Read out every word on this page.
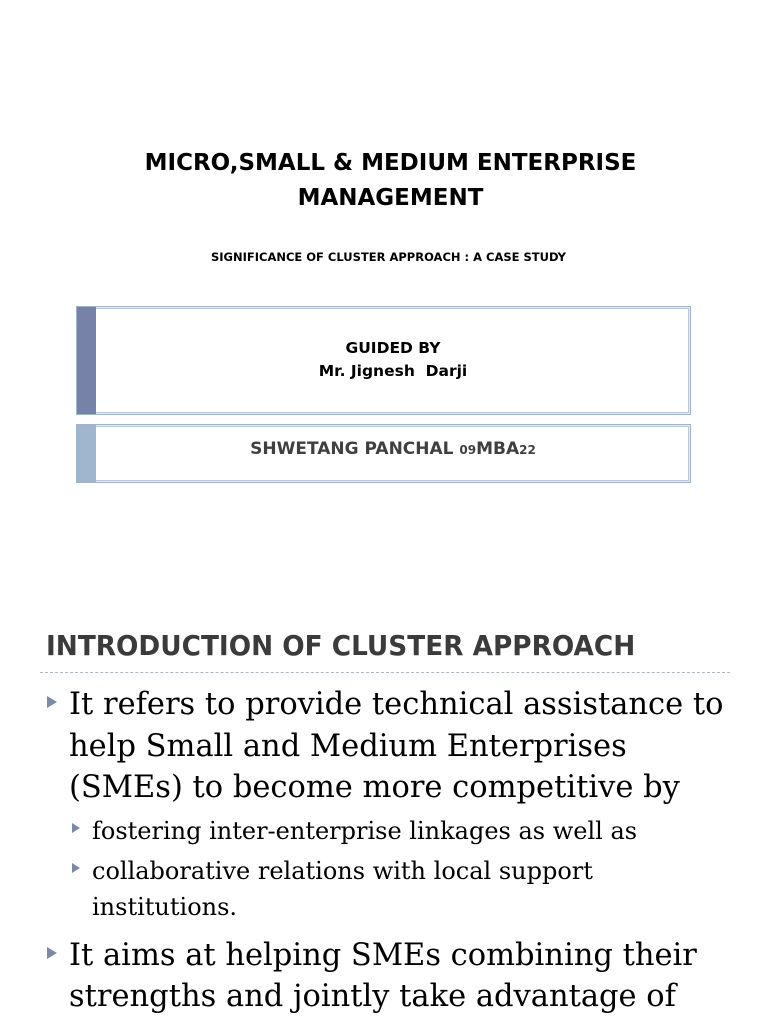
MICRO,SMALL & MEDIUM ENTERPRISE
MANAGEMENT

SIGNIFICANCE OF CLUSTER APPROACH : A CASE STUDY

GUIDED BY
Mr. Jignesh  Darji
SHWETANG PANCHAL 09MBA22
INTRODUCTION OF CLUSTER APPROACH
It refers to provide technical assistance to help Small and Medium Enterprises (SMEs) to become more competitive by
fostering inter-enterprise linkages as well as
collaborative relations with local support institutions.
It aims at helping SMEs combining their strengths and jointly take advantage of
